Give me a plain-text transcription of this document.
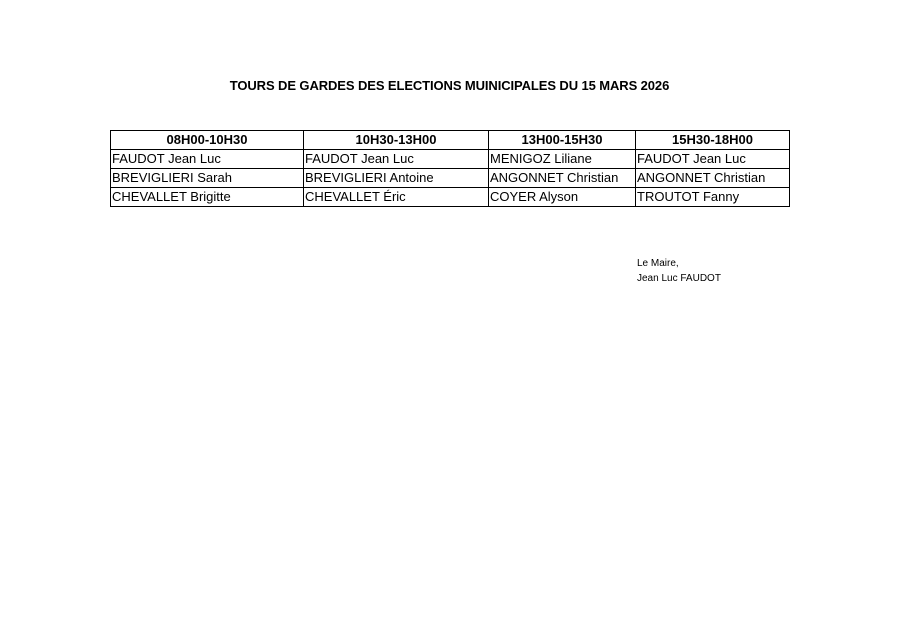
TOURS DE GARDES DES ELECTIONS MUINICIPALES DU 15 MARS 2026
08H00-10H30	10H30-13H00	13H00-15H30	15H30-18H00
FAUDOT Jean Luc	FAUDOT Jean Luc	MENIGOZ Liliane	FAUDOT Jean Luc
BREVIGLIERI Sarah	BREVIGLIERI Antoine	ANGONNET Christian	ANGONNET Christian
CHEVALLET Brigitte	CHEVALLET Éric	COYER Alyson	TROUTOT Fanny
Le Maire,
Jean Luc FAUDOT
